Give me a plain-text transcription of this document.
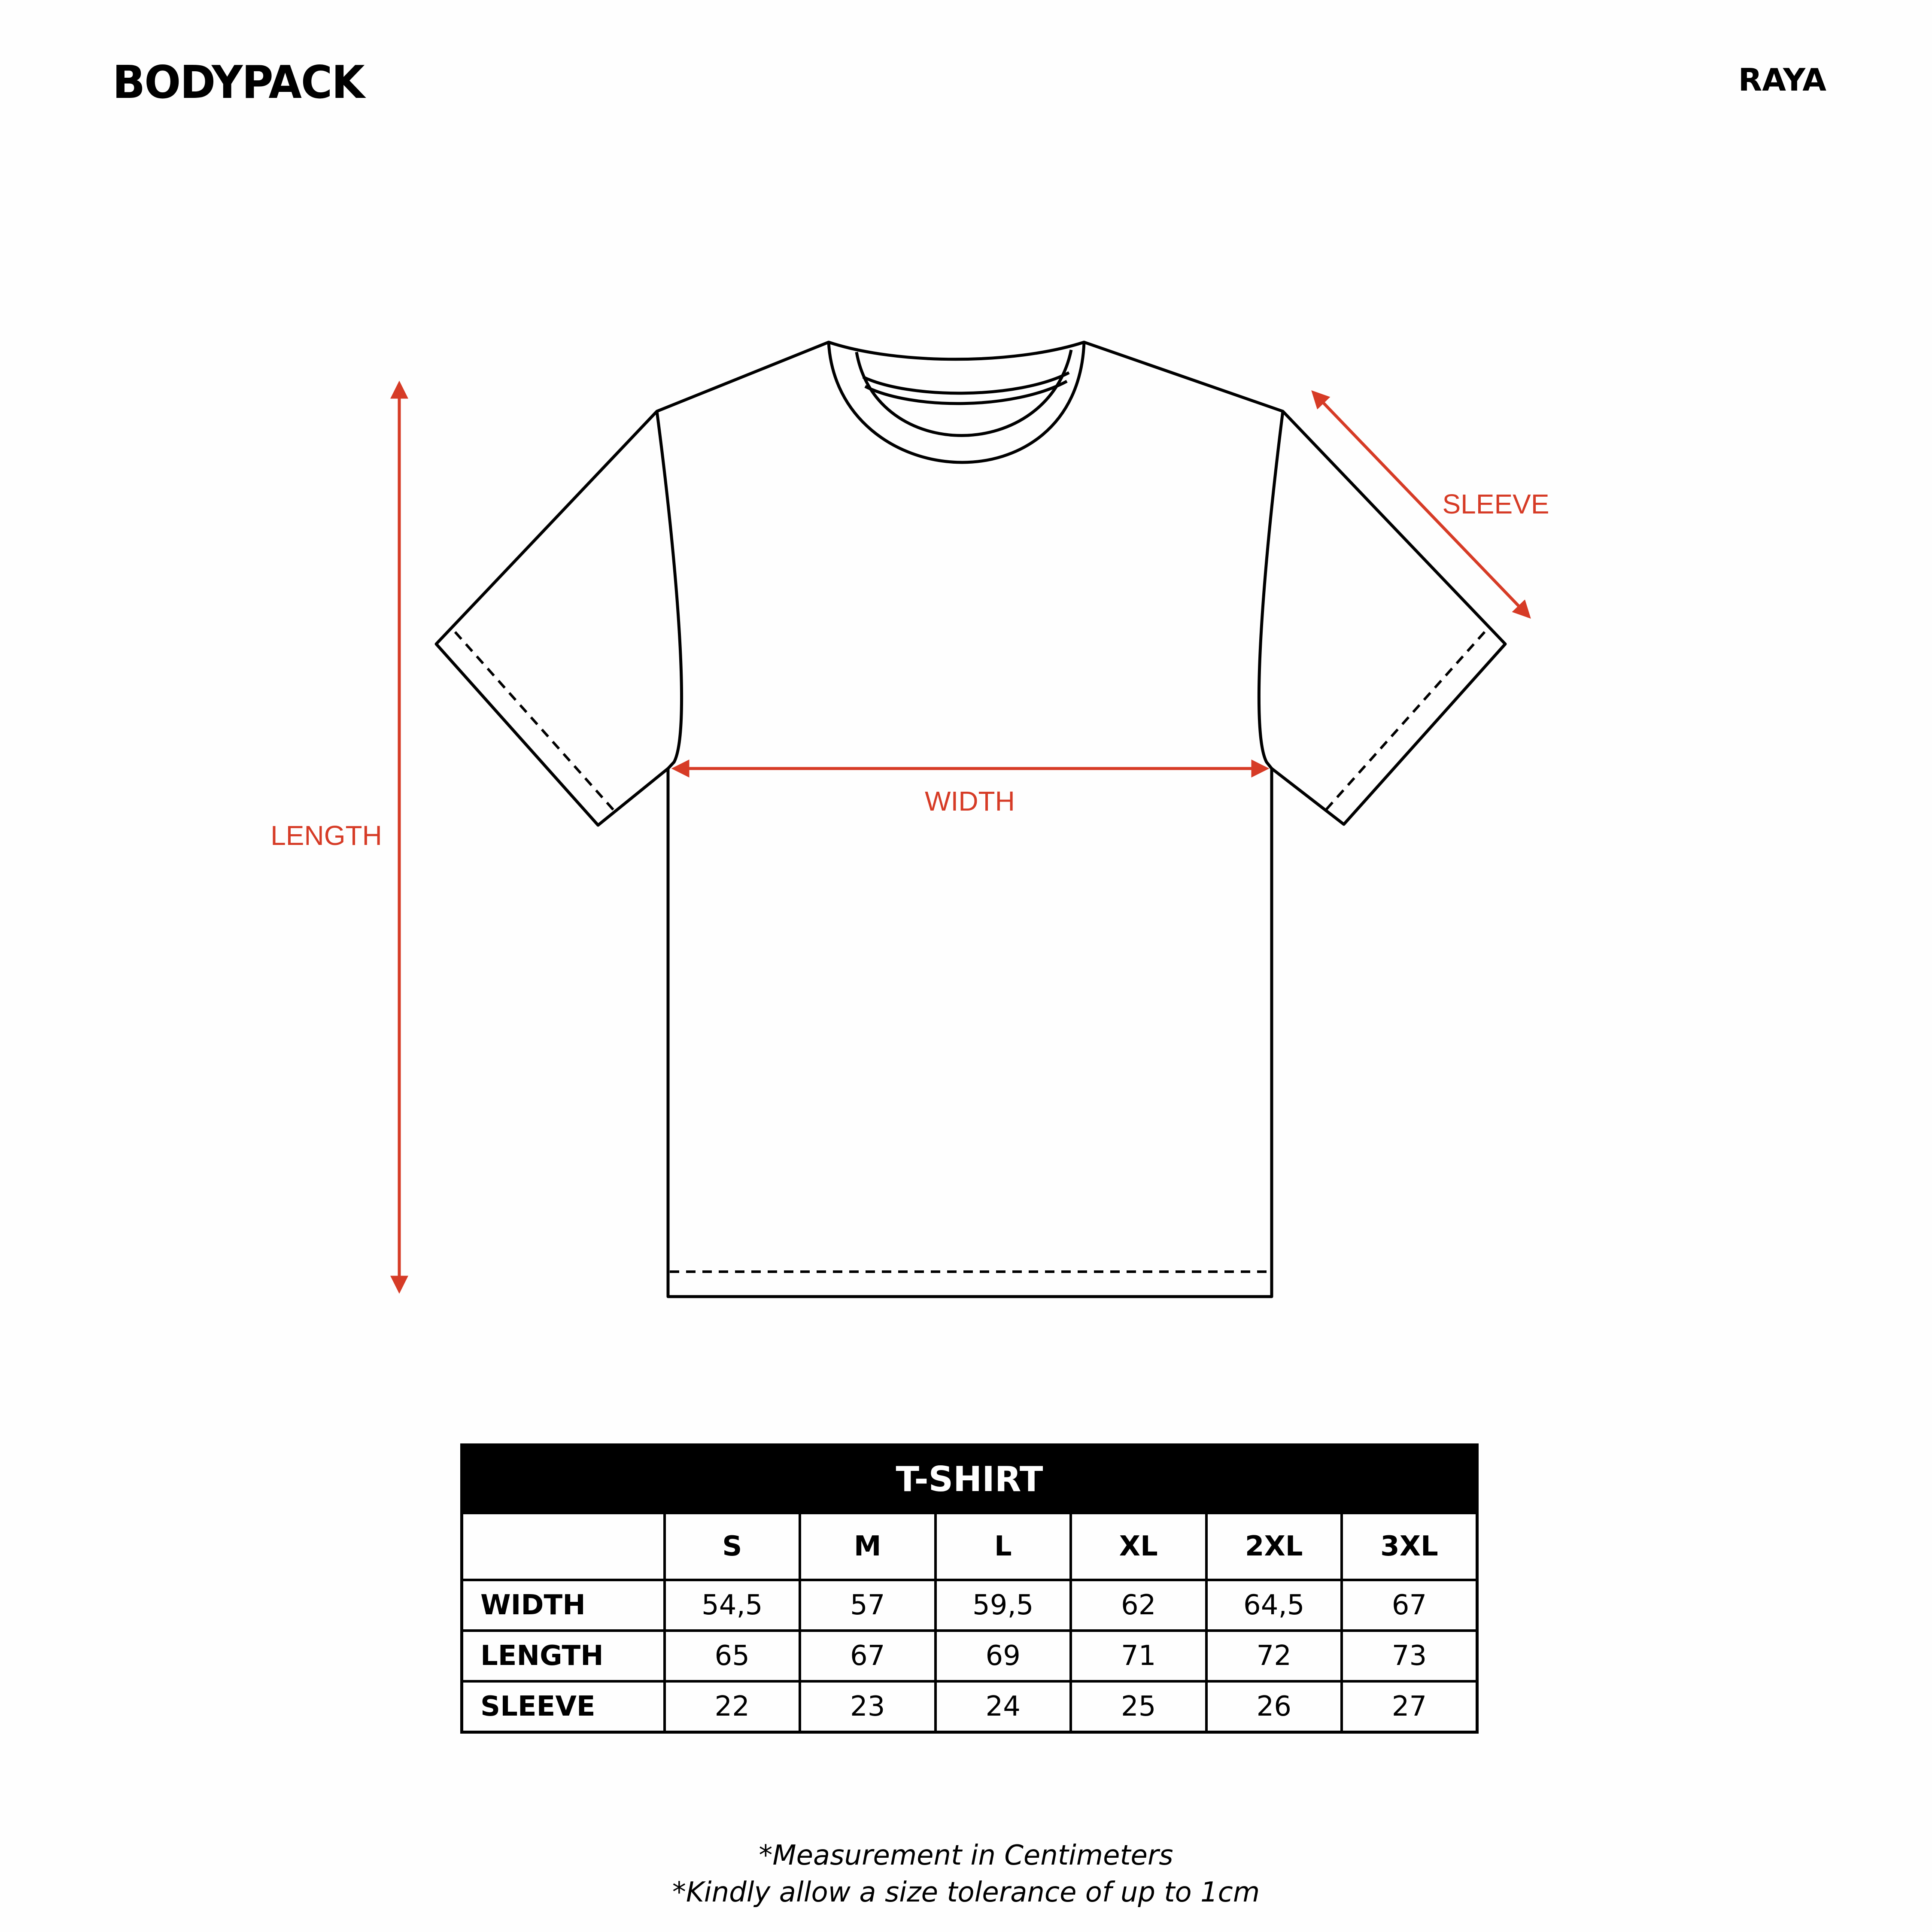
BODYPACK	RAYA
LENGTH
WIDTH
SLEEVE
T-SHIRT						
	S	M	L	XL	2XL	3XL
WIDTH	54,5	57	59,5	62	64,5	67
LENGTH	65	67	69	71	72	73
SLEEVE	22	23	24	25	26	27
*Measurement in Centimeters
*Kindly allow a size tolerance of up to 1cm
